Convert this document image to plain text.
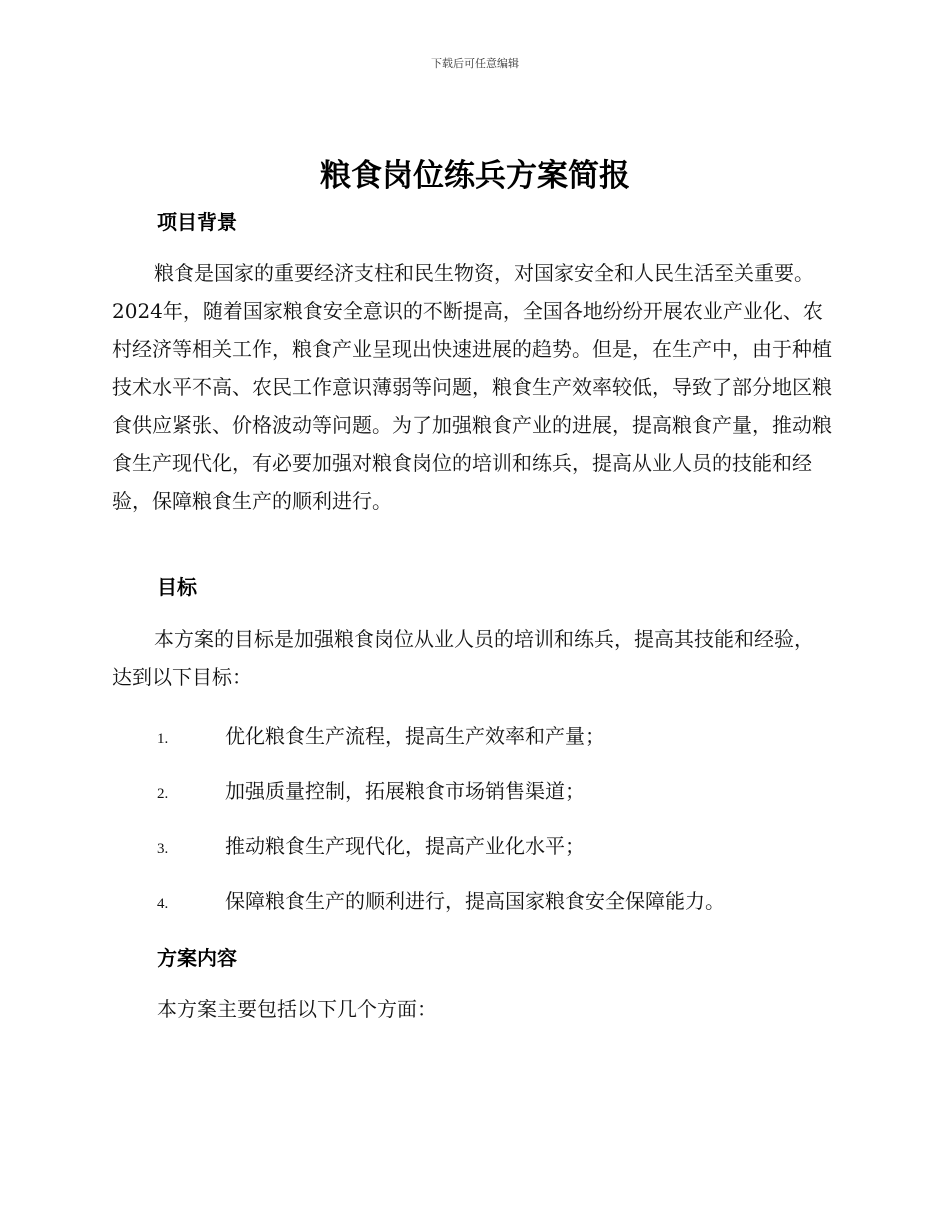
下载后可任意编辑
粮食岗位练兵方案简报
项目背景

粮食是国家的重要经济支柱和民生物资，对国家安全和人民生活至关重要。2024年，随着国家粮食安全意识的不断提高，全国各地纷纷开展农业产业化、农村经济等相关工作，粮食产业呈现出快速进展的趋势。但是，在生产中，由于种植技术水平不高、农民工作意识薄弱等问题，粮食生产效率较低，导致了部分地区粮食供应紧张、价格波动等问题。为了加强粮食产业的进展，提高粮食产量，推动粮食生产现代化，有必要加强对粮食岗位的培训和练兵，提高从业人员的技能和经验，保障粮食生产的顺利进行。

目标

本方案的目标是加强粮食岗位从业人员的培训和练兵，提高其技能和经验，达到以下目标：

1.	优化粮食生产流程，提高生产效率和产量；
2.	加强质量控制，拓展粮食市场销售渠道；
3.	推动粮食生产现代化，提高产业化水平；
4.	保障粮食生产的顺利进行，提高国家粮食安全保障能力。
方案内容

本方案主要包括以下几个方面：
